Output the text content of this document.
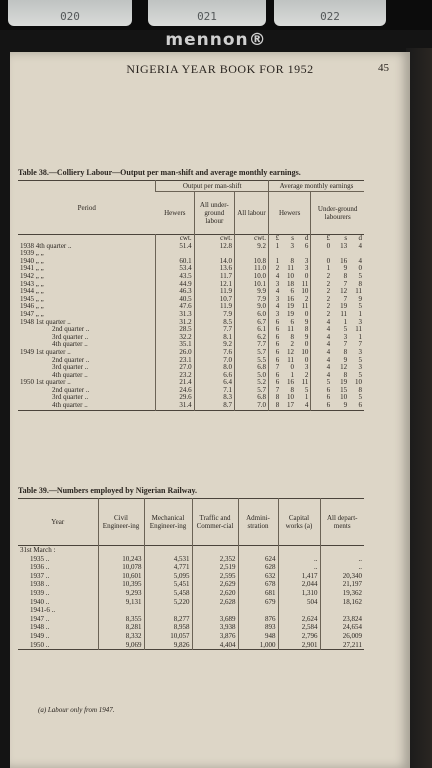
020	021	022
mennon®
NIGERIA YEAR BOOK FOR 1952	45
Table 38.—Colliery Labour—Output per man-shift and average monthly earnings.
Period	Output per man-shift			Average monthly earnings					
	Hewers	All under-ground labour	All labour	Hewers			Under-ground labourers		
	cwt.	cwt.	cwt.	£	s	d	£	s	d
1938 4th quarter ..	51.4	12.8	9.2	1	3	6	0	13	4
1939 „ „									
1940 „ „	60.1	14.0	10.8	1	8	3	0	16	4
1941 „ „	53.4	13.6	11.0	2	11	3	1	9	0
1942 „ „	43.5	11.7	10.0	4	10	0	2	8	5
1943 „ „	44.9	12.1	10.1	3	18	11	2	7	8
1944 „ „	46.3	11.9	9.9	4	6	10	2	12	11
1945 „ „	40.5	10.7	7.9	3	16	2	2	7	9
1946 „ „	47.6	11.9	9.0	4	19	11	2	19	5
1947 „ „	31.3	7.9	6.0	3	19	0	2	11	1
1948 1st quarter ..	31.2	8.5	6.7	6	6	9	4	1	3
2nd quarter ..	28.5	7.7	6.1	6	11	8	4	5	11
3rd quarter ..	32.2	8.1	6.2	6	8	9	4	3	1
4th quarter ..	35.1	9.2	7.7	6	2	0	4	7	7
1949 1st quarter ..	26.0	7.6	5.7	6	12	10	4	8	3
2nd quarter ..	23.1	7.0	5.5	6	11	0	4	9	5
3rd quarter ..	27.0	8.0	6.8	7	0	3	4	12	3
4th quarter ..	23.2	6.6	5.0	6	1	2	4	8	5
1950 1st quarter ..	21.4	6.4	5.2	6	16	11	5	19	10
2nd quarter ..	24.6	7.1	5.7	7	8	5	6	15	8
3rd quarter ..	29.6	8.3	6.8	8	10	1	6	10	5
4th quarter ..	31.4	8.7	7.0	8	17	4	6	9	6
Table 39.—Numbers employed by Nigerian Railway.
Year	Civil Engineer-ing	Mechanical Engineer-ing	Traffic and Commer-cial	Admini-stration	Capital works (a)	All depart-ments
31st March :						
1935 ..	10,243	4,531	2,352	624	..	..
1936 ..	10,078	4,771	2,519	628	..	..
1937 ..	10,601	5,095	2,595	632	1,417	20,340
1938 ..	10,395	5,451	2,629	678	2,044	21,197
1939 ..	9,293	5,458	2,620	681	1,310	19,362
1940 ..	9,131	5,220	2,628	679	504	18,162
1941-6 ..						
1947 ..	8,355	8,277	3,689	876	2,624	23,824
1948 ..	8,281	8,958	3,938	893	2,584	24,654
1949 ..	8,332	10,057	3,876	948	2,796	26,009
1950 ..	9,069	9,826	4,404	1,000	2,901	27,211
(a) Labour only from 1947.
